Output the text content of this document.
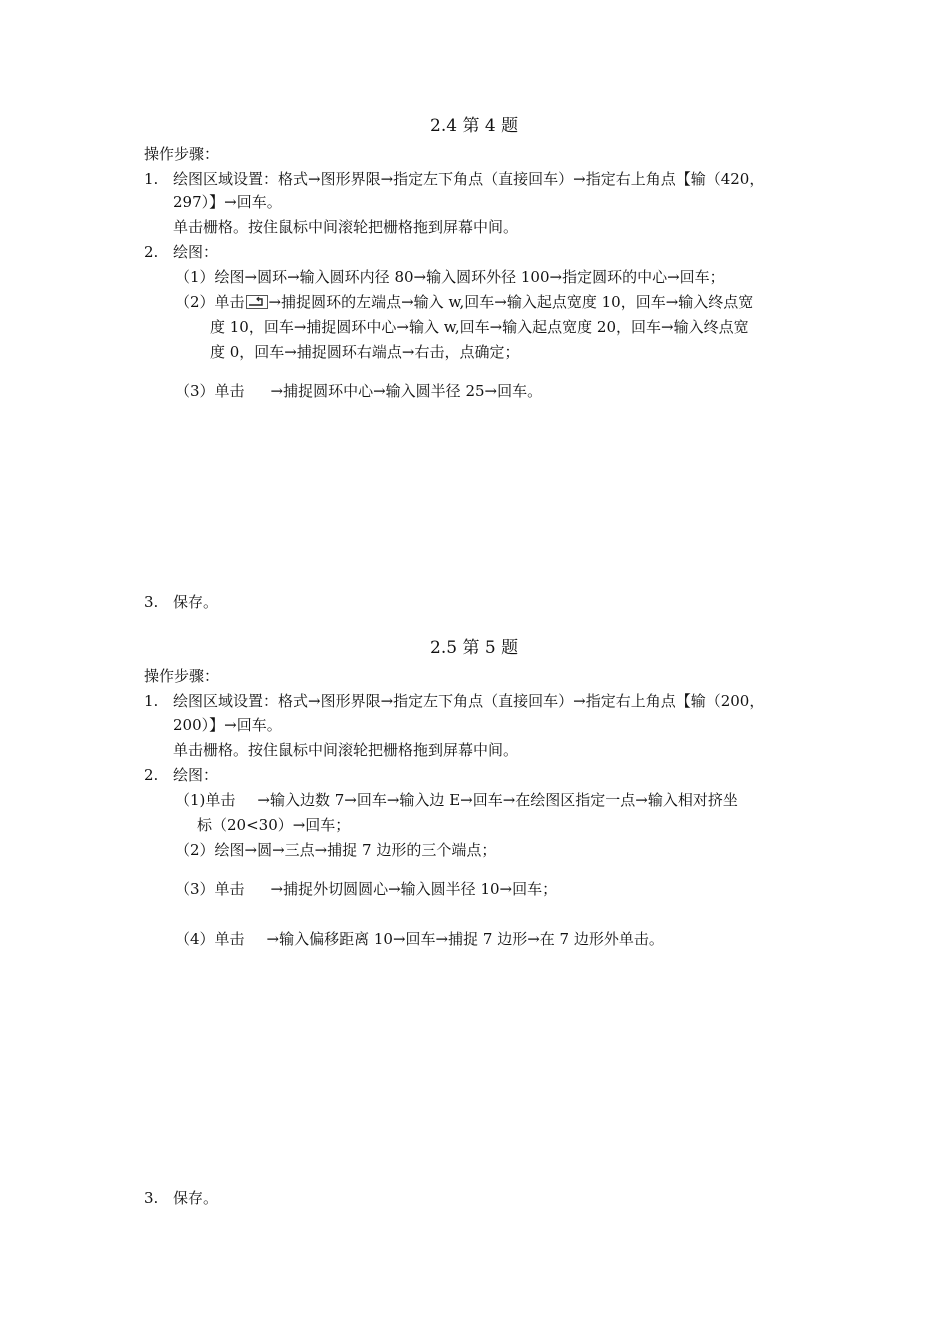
2.4 第 4 题
操作步骤：
1. 绘图区域设置：格式→图形界限→指定左下角点（直接回车）→指定右上角点【输（420，
297）】→回车。
单击栅格。按住鼠标中间滚轮把栅格拖到屏幕中间。
2. 绘图：
（1）绘图→圆环→输入圆环内径 80→输入圆环外径 100→指定圆环的中心→回车；
（2）单击 →捕捉圆环的左端点→输入 w,回车→输入起点宽度 10，回车→输入终点宽
度 10，回车→捕捉圆环中心→输入 w,回车→输入起点宽度 20，回车→输入终点宽
度 0，回车→捕捉圆环右端点→右击，点确定；
（3）单击 →捕捉圆环中心→输入圆半径 25→回车。
3. 保存。
2.5 第 5 题
操作步骤：
1. 绘图区域设置：格式→图形界限→指定左下角点（直接回车）→指定右上角点【输（200，
200）】→回车。
单击栅格。按住鼠标中间滚轮把栅格拖到屏幕中间。
2. 绘图：
（1)单击 →输入边数 7→回车→输入边 E→回车→在绘图区指定一点→输入相对挤坐
标（20<30）→回车；
（2）绘图→圆→三点→捕捉 7 边形的三个端点；
（3）单击 →捕捉外切圆圆心→输入圆半径 10→回车；
（4）单击 →输入偏移距离 10→回车→捕捉 7 边形→在 7 边形外单击。
3. 保存。
